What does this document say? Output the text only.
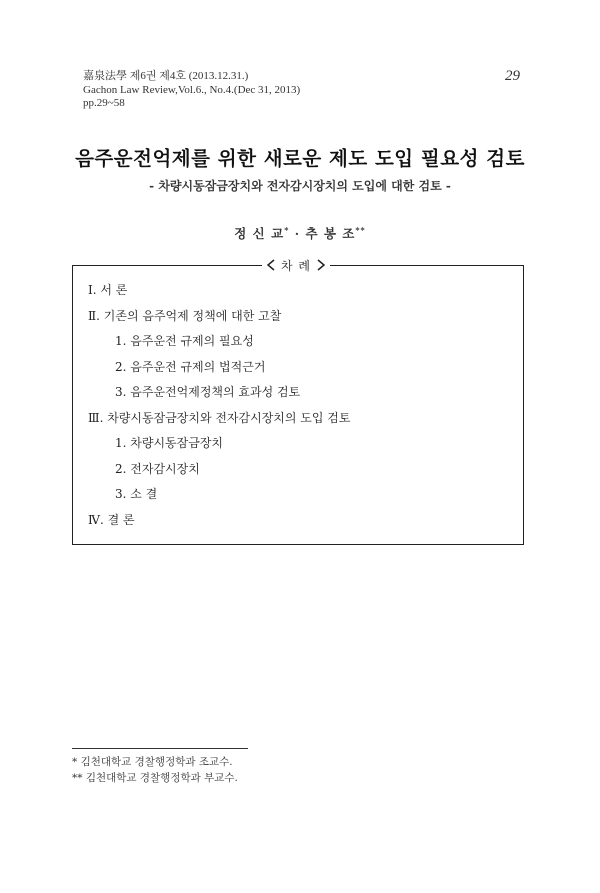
嘉泉法學 제6권 제4호 (2013.12.31.)
Gachon Law Review,Vol.6., No.4.(Dec 31, 2013)
pp.29~58
29
음주운전억제를 위한 새로운 제도 도입 필요성 검토
- 차량시동잠금장치와 전자감시장치의 도입에 대한 검토 -
정 신 교* · 추 봉 조**
차 례
Ⅰ. 서 론
Ⅱ. 기존의 음주억제 정책에 대한 고찰
1. 음주운전 규제의 필요성
2. 음주운전 규제의 법적근거
3. 음주운전억제정책의 효과성 검토
Ⅲ. 차량시동잠금장치와 전자감시장치의 도입 검토
1. 차량시동잠금장치
2. 전자감시장치
3. 소 결
Ⅳ. 결 론
* 김천대학교 경찰행정학과 조교수.
** 김천대학교 경찰행정학과 부교수.
